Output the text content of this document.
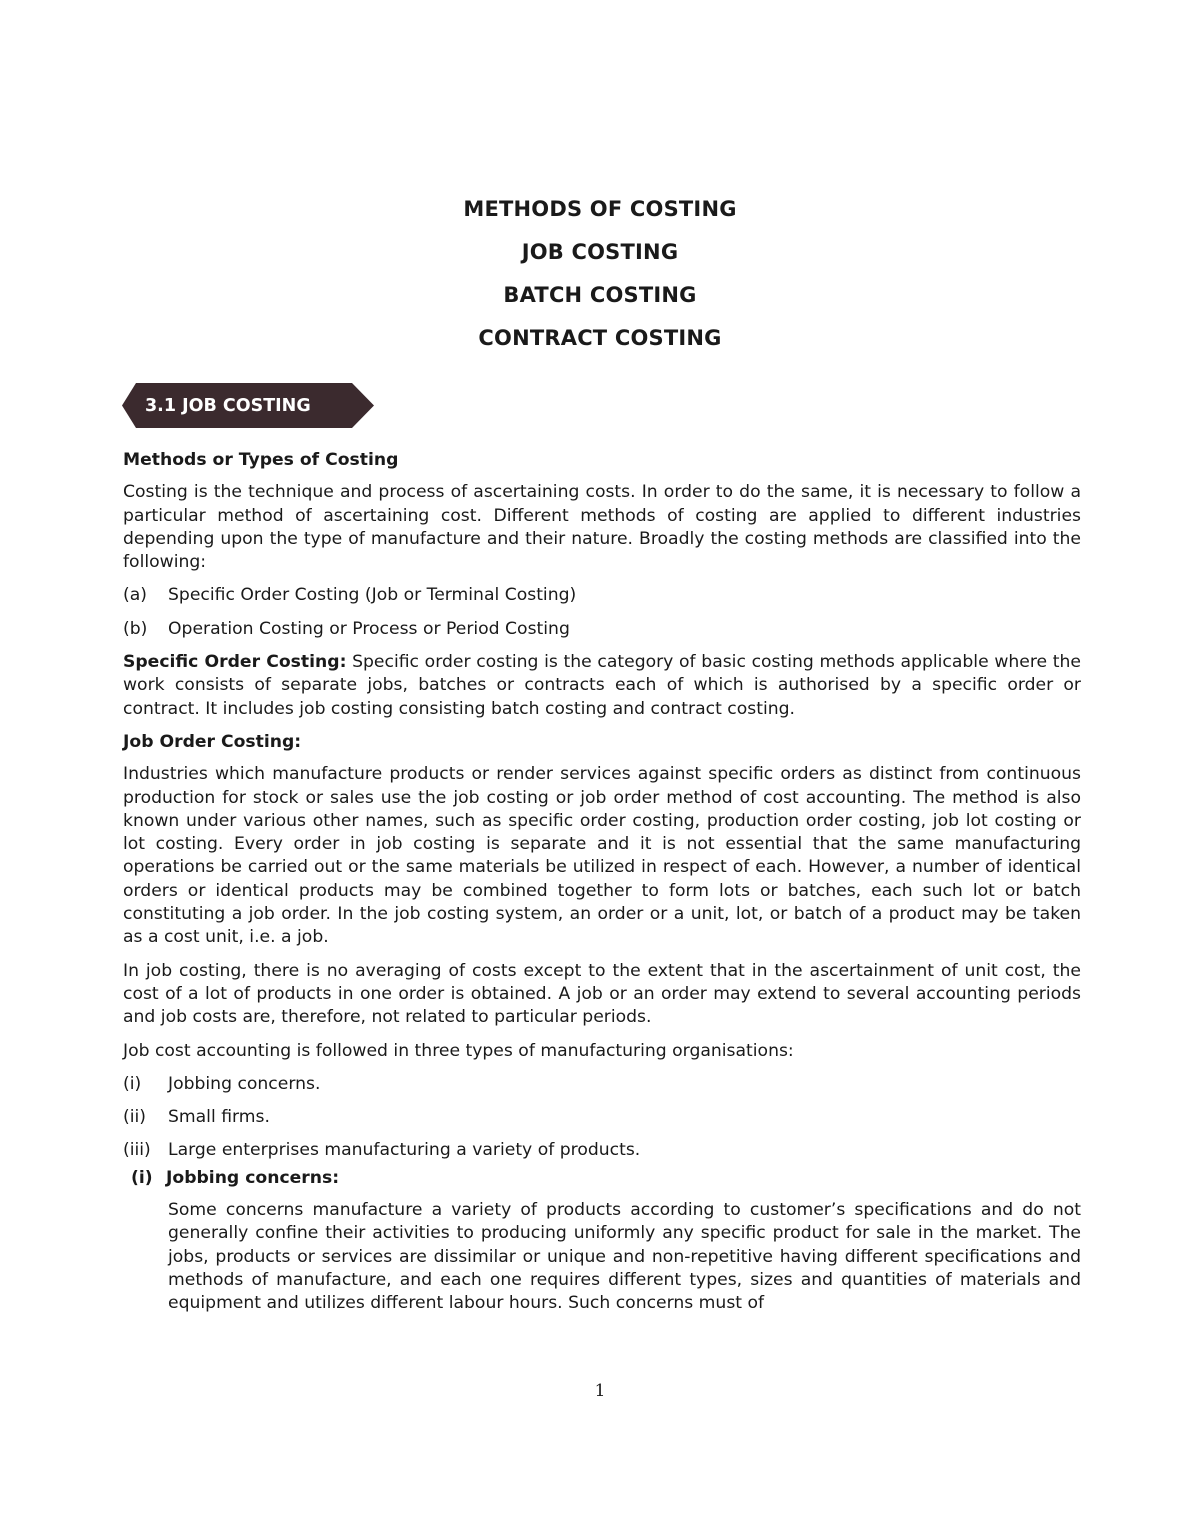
METHODS OF COSTING
JOB COSTING
BATCH COSTING
CONTRACT COSTING
3.1 JOB COSTING
Methods or Types of Costing

Costing is the technique and process of ascertaining costs. In order to do the same, it is necessary to follow a particular method of ascertaining cost. Different methods of costing are applied to different industries depending upon the type of manufacture and their nature. Broadly the costing methods are classified into the following:

(a)	Specific Order Costing (Job or Terminal Costing)
(b)	Operation Costing or Process or Period Costing

Specific Order Costing: Specific order costing is the category of basic costing methods applicable where the work consists of separate jobs, batches or contracts each of which is authorised by a specific order or contract. It includes job costing consisting batch costing and contract costing.

Job Order Costing:

Industries which manufacture products or render services against specific orders as distinct from continuous production for stock or sales use the job costing or job order method of cost accounting. The method is also known under various other names, such as specific order costing, production order costing, job lot costing or lot costing. Every order in job costing is separate and it is not essential that the same manufacturing operations be carried out or the same materials be utilized in respect of each. However, a number of identical orders or identical products may be combined together to form lots or batches, each such lot or batch constituting a job order. In the job costing system, an order or a unit, lot, or batch of a product may be taken as a cost unit, i.e. a job.

In job costing, there is no averaging of costs except to the extent that in the ascertainment of unit cost, the cost of a lot of products in one order is obtained. A job or an order may extend to several accounting periods and job costs are, therefore, not related to particular periods.

Job cost accounting is followed in three types of manufacturing organisations:

(i)	Jobbing concerns.
(ii)	Small firms.
(iii)	Large enterprises manufacturing a variety of products.
(i) Jobbing concerns:

Some concerns manufacture a variety of products according to customer’s specifications and do not generally confine their activities to producing uniformly any specific product for sale in the market. The jobs, products or services are dissimilar or unique and non-repetitive having different specifications and methods of manufacture, and each one requires different types, sizes and quantities of materials and equipment and utilizes different labour hours. Such concerns must of

1
